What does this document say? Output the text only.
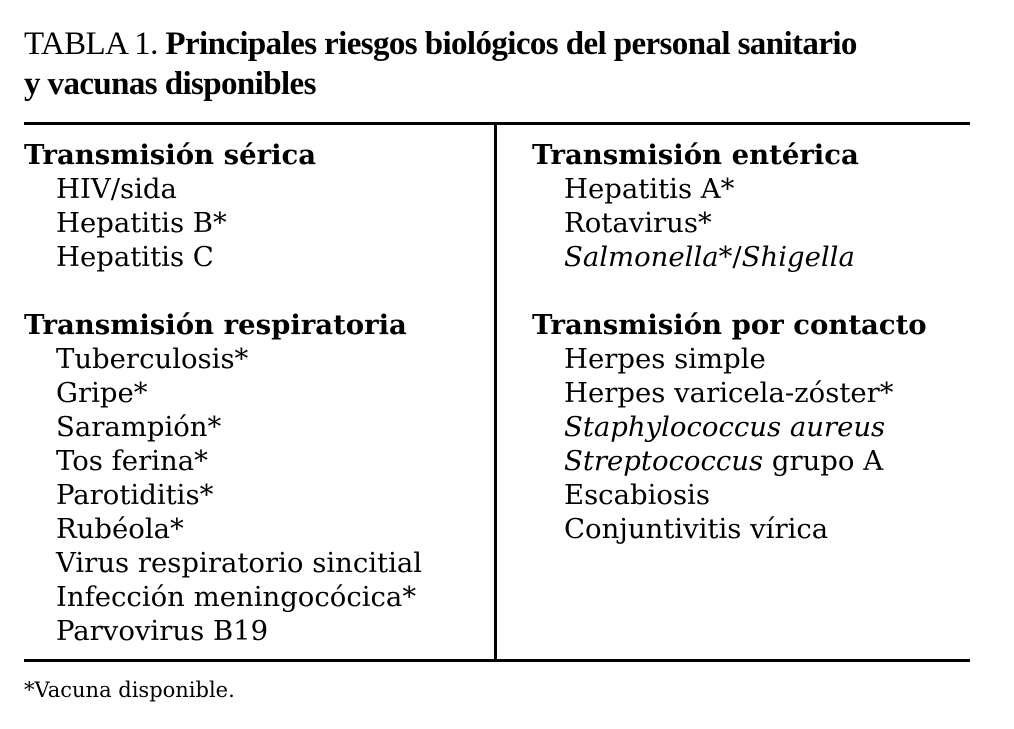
TABLA 1. Principales riesgos biológicos del personal sanitario
y vacunas disponibles
Transmisión sérica
HIV/sida
Hepatitis B*
Hepatitis C
Transmisión respiratoria
Tuberculosis*
Gripe*
Sarampión*
Tos ferina*
Parotiditis*
Rubéola*
Virus respiratorio sincitial
Infección meningocócica*
Parvovirus B19
Transmisión entérica
Hepatitis A*
Rotavirus*
Salmonella*/Shigella
Transmisión por contacto
Herpes simple
Herpes varicela-zóster*
Staphylococcus aureus
Streptococcus grupo A
Escabiosis
Conjuntivitis vírica
*Vacuna disponible.
